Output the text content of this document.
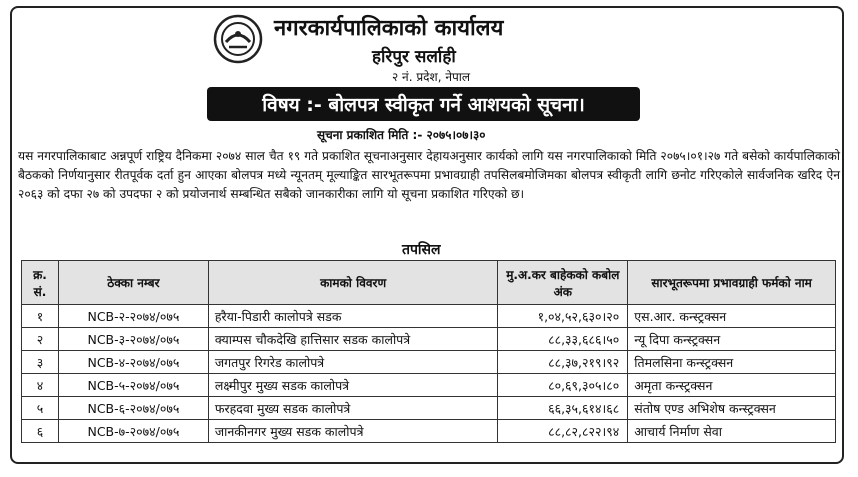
नगरकार्यपालिकाको कार्यालय
हरिपुर सर्लाही
२ नं. प्रदेश, नेपाल
विषय :- बोलपत्र स्वीकृत गर्ने आशयको सूचना।
सूचना प्रकाशित मिति :- २०७५।०७।३०
यस नगरपालिकाबाट अन्नपूर्ण राष्ट्रिय दैनिकमा २०७४ साल चैत १९ गते प्रकाशित सूचनाअनुसार देहायअनुसार कार्यको लागि यस नगरपालिकाको मिति २०७५।०१।२७ गते बसेको कार्यपालिकाको बैठकको निर्णयानुसार रीतपूर्वक दर्ता हुन आएका बोलपत्र मध्ये न्यूनतम् मूल्याङ्कित सारभूतरूपमा प्रभावग्राही तपसिलबमोजिमका बोलपत्र स्वीकृती लागि छनोट गरिएकोले सार्वजनिक खरिद ऐन २०६३ को दफा २७ को उपदफा २ को प्रयोजनार्थ सम्बन्धित सबैको जानकारीका लागि यो सूचना प्रकाशित गरिएको छ।
तपसिल
क्र. सं.	ठेक्का नम्बर	कामको विवरण	मु.अ.कर बाहेकको कबोल अंक	सारभूतरूपमा प्रभावग्राही फर्मको नाम
१	NCB-२-२०७४/०७५	हरैया-पिडारी कालोपत्रे सडक	१,०४,५२,६३०।२०	एस.आर. कन्स्ट्रक्सन
२	NCB-३-२०७४/०७५	क्याम्पस चौकदेखि हात्तिसार सडक कालोपत्रे	८८,३३,६८६।५०	न्यू दिपा कन्स्ट्रक्सन
३	NCB-४-२०७४/०७५	जगतपुर रिगरेड कालोपत्रे	८८,३७,२१९।९२	तिमलसिना कन्स्ट्रक्सन
४	NCB-५-२०७४/०७५	लक्ष्मीपुर मुख्य सडक कालोपत्रे	८०,६९,३०५।८०	अमृता कन्स्ट्रक्सन
५	NCB-६-२०७४/०७५	फरहदवा मुख्य सडक कालोपत्रे	६६,३५,६१४।६८	संतोष एण्ड अभिशेष कन्स्ट्रक्सन
६	NCB-७-२०७४/०७५	जानकीनगर मुख्य सडक कालोपत्रे	८८,८२,८२२।९४	आचार्य निर्माण सेवा
